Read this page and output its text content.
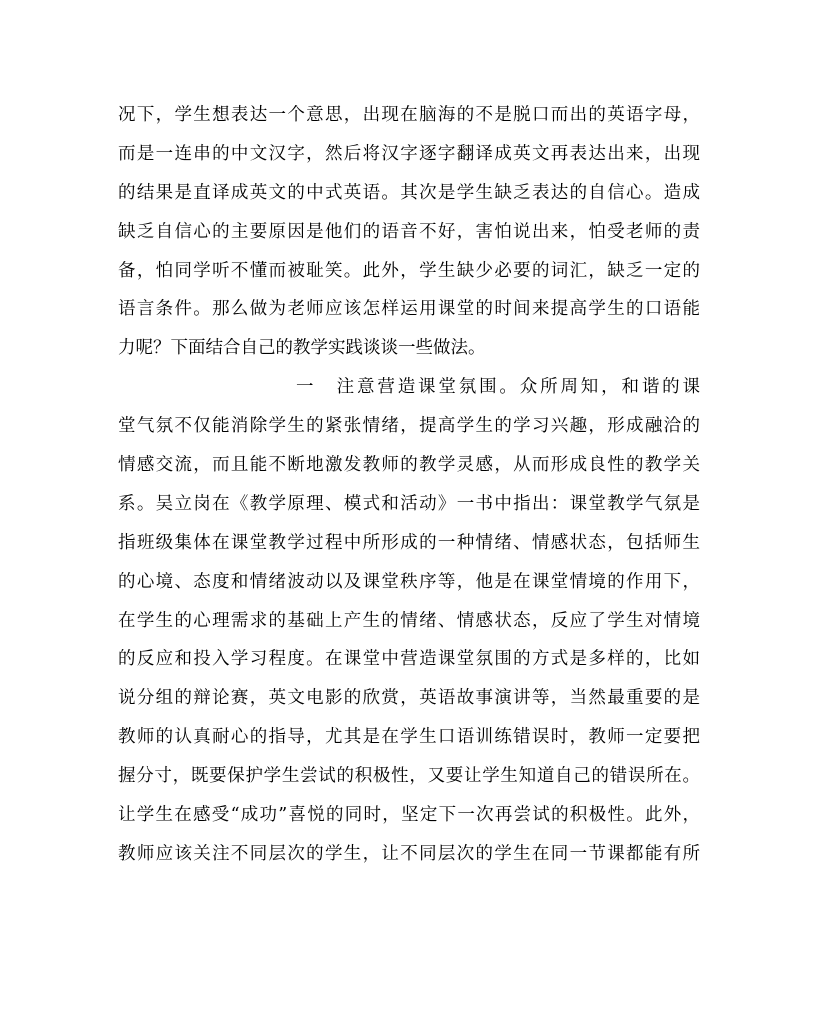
况下，学生想表达一个意思，出现在脑海的不是脱口而出的英语字母，
而是一连串的中文汉字，然后将汉字逐字翻译成英文再表达出来，出现
的结果是直译成英文的中式英语。其次是学生缺乏表达的自信心。造成
缺乏自信心的主要原因是他们的语音不好，害怕说出来，怕受老师的责
备，怕同学听不懂而被耻笑。此外，学生缺少必要的词汇，缺乏一定的
语言条件。那么做为老师应该怎样运用课堂的时间来提高学生的口语能
力呢？下面结合自己的教学实践谈谈一些做法。
一　注意营造课堂氛围。众所周知，和谐的课
堂气氛不仅能消除学生的紧张情绪，提高学生的学习兴趣，形成融洽的
情感交流，而且能不断地激发教师的教学灵感，从而形成良性的教学关
系。吴立岗在《教学原理、模式和活动》一书中指出：课堂教学气氛是
指班级集体在课堂教学过程中所形成的一种情绪、情感状态，包括师生
的心境、态度和情绪波动以及课堂秩序等，他是在课堂情境的作用下，
在学生的心理需求的基础上产生的情绪、情感状态，反应了学生对情境
的反应和投入学习程度。在课堂中营造课堂氛围的方式是多样的，比如
说分组的辩论赛，英文电影的欣赏，英语故事演讲等，当然最重要的是
教师的认真耐心的指导，尤其是在学生口语训练错误时，教师一定要把
握分寸，既要保护学生尝试的积极性，又要让学生知道自己的错误所在。
让学生在感受“成功”喜悦的同时，坚定下一次再尝试的积极性。此外，
教师应该关注不同层次的学生，让不同层次的学生在同一节课都能有所
